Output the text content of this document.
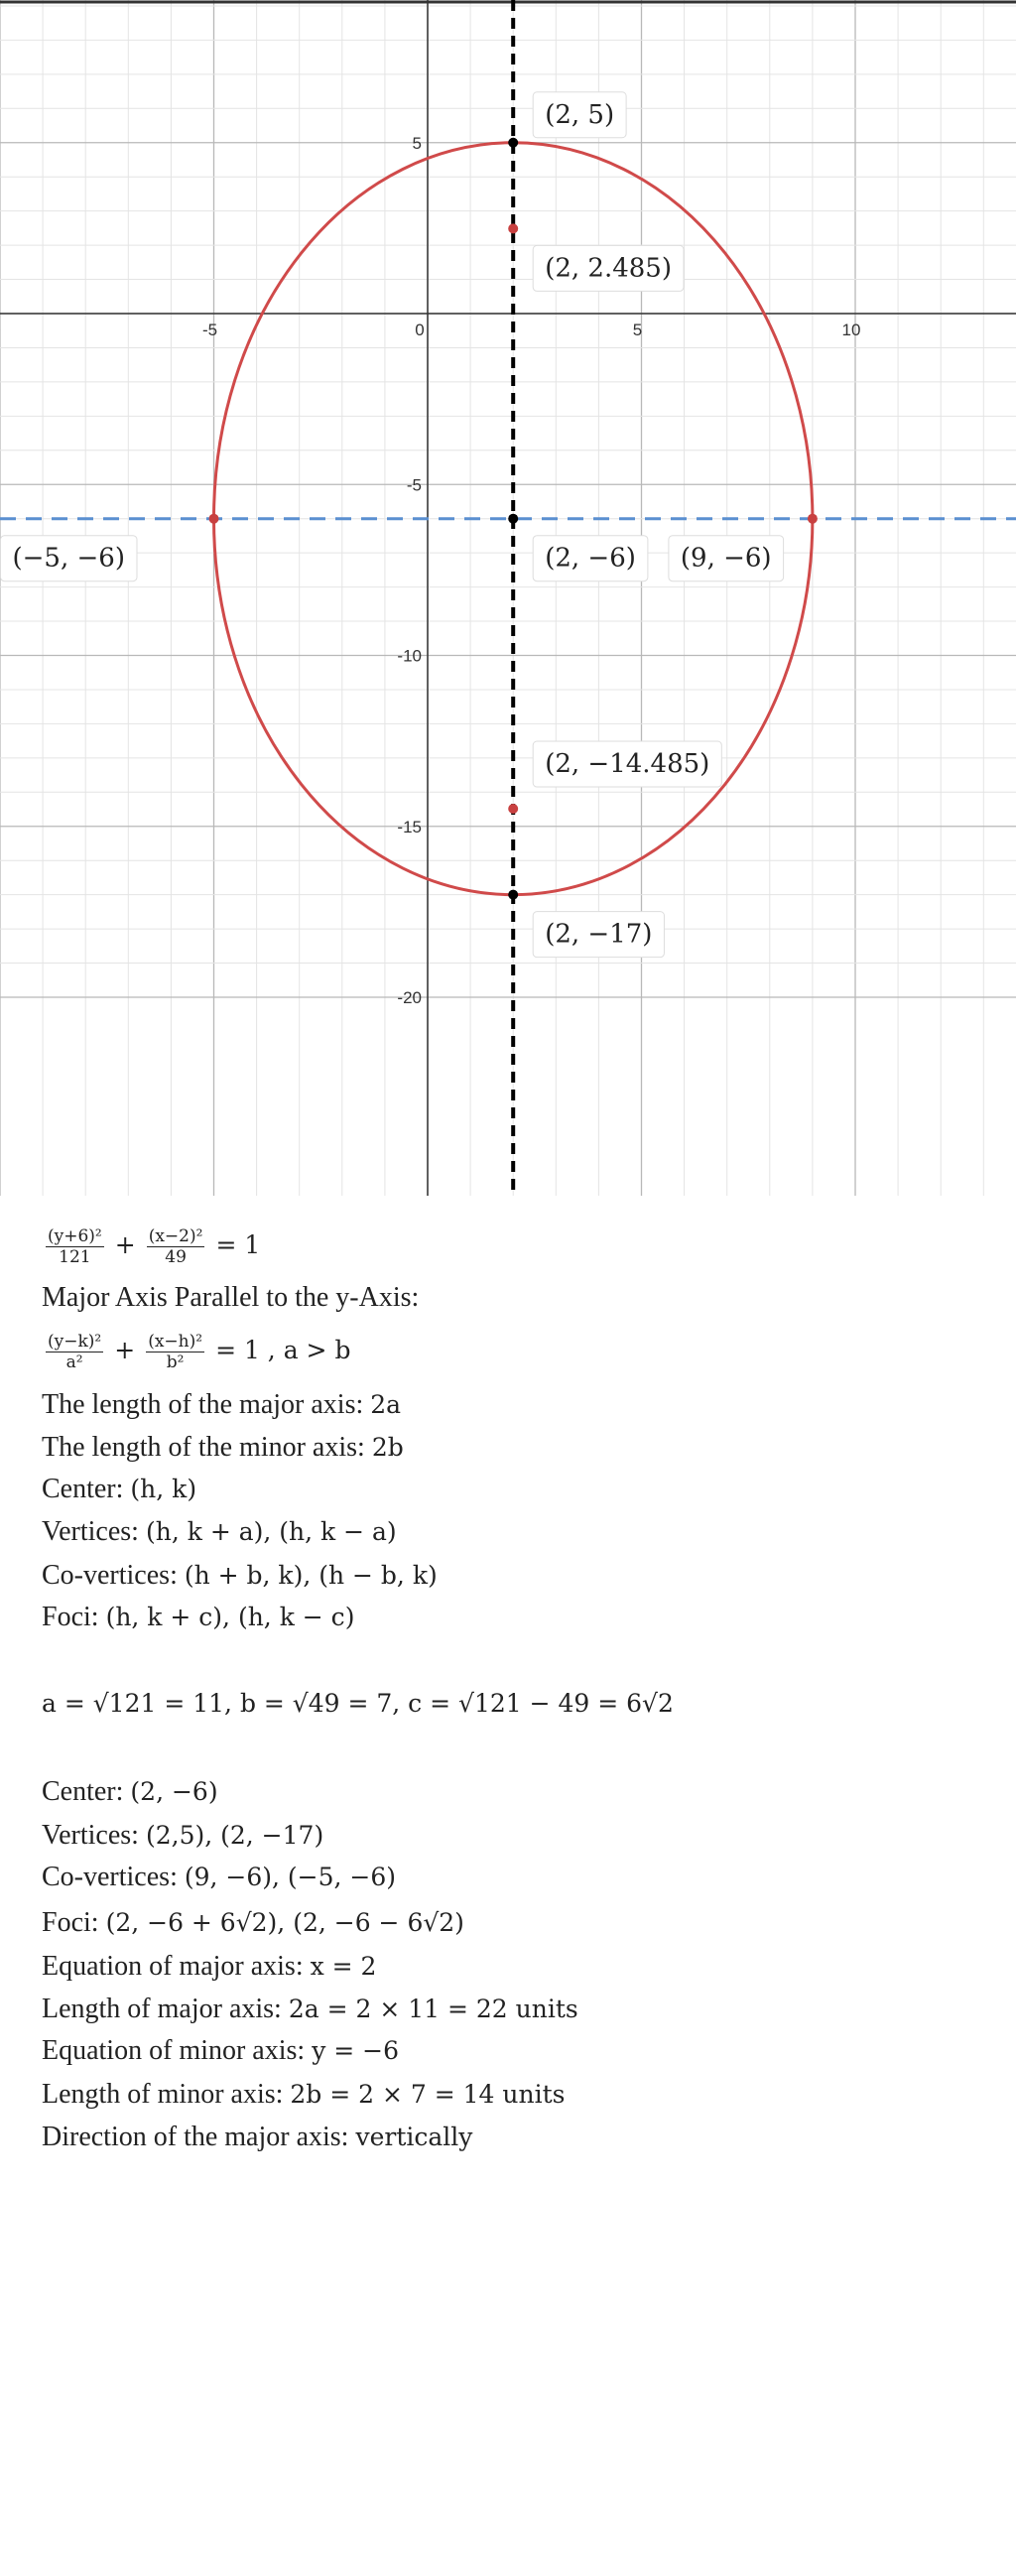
-5	0	5	10
5
-5
-10
-15
-20
(2, 5)
(2, 2.485)
(2, −6) (9, −6)
(−5, −6)
(2, −14.485)
(2, −17)
$\frac{\text{(y+6)²}}{121} + \frac{\text{(x−2)²}}{49} = 1$
Major Axis Parallel to the y-Axis:
$\frac{\text{(y−k)²}}{\text{a²}} + \frac{\text{(x−h)²}}{\text{b²}} = 1$ , a > b
The length of the major axis: 2a
The length of the minor axis: 2b
Center: (h, k)
Vertices: (h, k + a), (h, k − a)
Co-vertices: (h + b, k), (h − b, k)
Foci: (h, k + c), (h, k − c)
a = √121 = 11, b = √49 = 7, c = √121 − 49 = 6√2
Center: (2, −6)
Vertices: (2,5), (2, −17)
Co-vertices: (9, −6), (−5, −6)
Foci: (2, −6 + 6√2), (2, −6 − 6√2)
Equation of major axis: x = 2
Length of major axis: 2a = 2 × 11 = 22 units
Equation of minor axis: y = −6
Length of minor axis: 2b = 2 × 7 = 14 units
Direction of the major axis: vertically
